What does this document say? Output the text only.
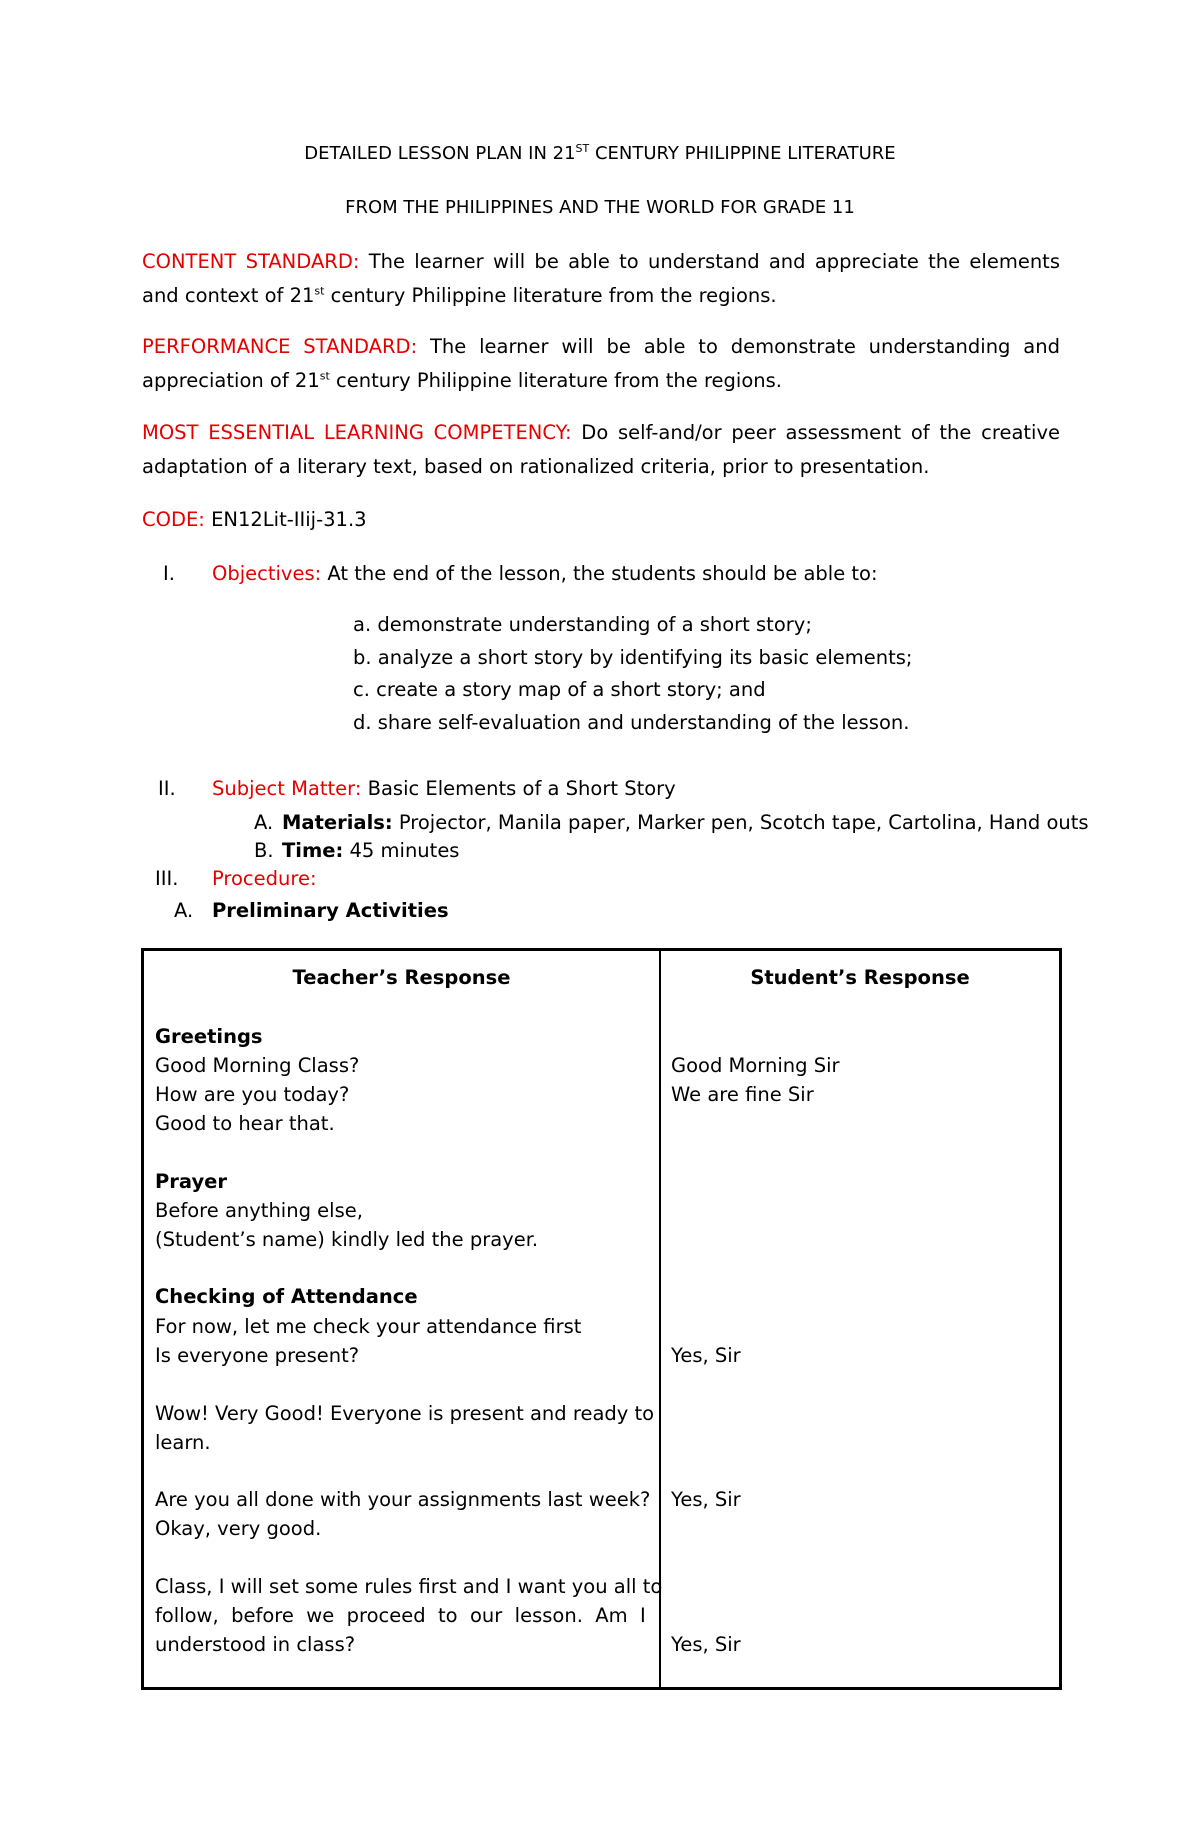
DETAILED LESSON PLAN IN 21ST CENTURY PHILIPPINE LITERATURE
FROM THE PHILIPPINES AND THE WORLD FOR GRADE 11
CONTENT STANDARD: The learner will be able to understand and appreciate the elements and context of 21st century Philippine literature from the regions.
PERFORMANCE STANDARD: The learner will be able to demonstrate understanding and appreciation of 21st century Philippine literature from the regions.
MOST ESSENTIAL LEARNING COMPETENCY: Do self-and/or peer assessment of the creative adaptation of a literary text, based on rationalized criteria, prior to presentation.
CODE: EN12Lit-IIij-31.3
I. Objectives: At the end of the lesson, the students should be able to:
a. demonstrate understanding of a short story;
b. analyze a short story by identifying its basic elements;
c. create a story map of a short story; and
d. share self-evaluation and understanding of the lesson.
II. Subject Matter: Basic Elements of a Short Story
A. Materials: Projector, Manila paper, Marker pen, Scotch tape, Cartolina, Hand outs
B. Time: 45 minutes
III. Procedure:
A. Preliminary Activities
Teacher’s Response	Student’s Response
Greetings
Good Morning Class?
How are you today?
Good to hear that.
Prayer
Before anything else,
(Student’s name) kindly led the prayer.
Checking of Attendance
For now, let me check your attendance first
Is everyone present?
Wow! Very Good! Everyone is present and ready to
learn.
Are you all done with your assignments last week?
Okay, very good.
Class, I will set some rules first and I want you all to
follow,  before  we  proceed  to  our  lesson.  Am  I
understood in class?
Good Morning Sir
We are fine Sir
Yes, Sir
Yes, Sir
Yes, Sir
